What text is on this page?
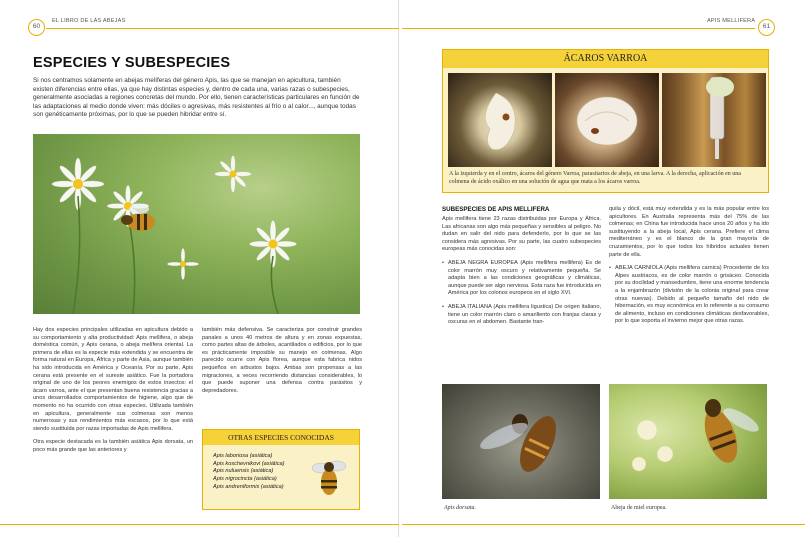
60
EL LIBRO DE LAS ABEJAS
ESPECIES Y SUBESPECIES
Si nos centramos solamente en abejas melíferas del género Apis, las que se manejan en apicultura, también existen diferencias entre ellas, ya que hay distintas especies y, dentro de cada una, varias razas o subespecies, generalmente asociadas a regiones concretas del mundo. Por ello, tienen características particulares en función de las adaptaciones al medio donde viven: más dóciles o agresivas, más resistentes al frío o al calor..., aunque todas son genéticamente próximas, por lo que se pueden hibridar entre sí.

Hay dos especies principales utilizadas en apicultura debido a su comportamiento y alta productividad: Apis mellifera, o abeja doméstica común, y Apis cerana, o abeja melífera oriental. La primera de ellas es la especie más extendida y se encuentra de forma natural en Europa, África y parte de Asia, aunque también ha sido introducida en América y Oceanía. Por su parte, Apis cerana está presente en el sureste asiático. Fue la portadora original de uno de los peores enemigos de estos insectos: el ácaro varroa, ante el que presentan buena resistencia gracias a unos desarrollados comportamientos de higiene, algo que de momento no ha ocurrido con otras especies. Utilizada también en apicultura, generalmente sus colmenas son menos numerosas y sus rendimientos más escasos, por lo que está siendo sustituida por razas importadas de Apis mellifera.

Otra especie destacada es la también asiática Apis dorsata, un poco más grande que las anteriores y

también más defensiva. Se caracteriza por construir grandes panales a unos 40 metros de altura y en zonas expuestas, como partes altas de árboles, acantilados o edificios, por lo que es prácticamente imposible su manejo en colmenas. Algo parecido ocurre con Apis florea, aunque esta fabrica nidos pequeños en arbustos bajos. Ambas son propensas a las migraciones, a veces recorriendo distancias considerables, lo que puede suponer una defensa contra parásitos y depredadores.

OTRAS ESPECIES CONOCIDAS
Apis laboriosa (asiática)
Apis koschevnikovi (asiática)
Apis nuluensis (asiática)
Apis nigrocincta (asiática)
Apis andreniformis (asiática)
APIS MELLIFERA
61
ÁCAROS VARROA
A la izquierda y en el centro, ácaros del género Varroa, parasitarios de abeja, en una larva. A la derecha, aplicación en una colmena de ácido oxálico en una solución de agua que mata a los ácaros varroa.
SUBESPECIES DE APIS MELLIFERA

Apis mellifera tiene 23 razas distribuidas por Europa y África. Las africanas son algo más pequeñas y sensibles al peligro. No dudan en salir del nido para defenderlo, por lo que se las considera más agresivas. Por su parte, las cuatro subespecies europeas más conocidas son:

• ABEJA NEGRA EUROPEA (Apis mellifera mellifera) Es de color marrón muy oscuro y relativamente pequeña. Se adapta bien a las condiciones geográficas y climáticas, aunque puede ser algo nerviosa. Esta raza fue introducida en América por los colonos europeos en el siglo XVI.

• ABEJA ITALIANA (Apis mellifera ligustica) De origen italiano, tiene un color marrón claro o amarillento con franjas claras y oscuras en el abdomen. Bastante tran-

quila y dócil, está muy extendida y es la más popular entre los apicultores. En Australia representa más del 75% de las colmenas; en China fue introducida hace unos 20 años y ha ido sustituyendo a la abeja local, Apis cerana. Prefiere el clima mediterráneo y es el blanco de la gran mayoría de cruzamientos, por lo que todos los híbridos actuales tienen parte de ella.

• ABEJA CARNIOLA (Apis mellifera carnica) Procedente de los Alpes austriacos, es de color marrón o grisáceo. Conocida por su docilidad y mansedumbre, tiene una enorme tendencia a la enjambrazón (división de la colonia original para crear otras nuevas). Debido al pequeño tamaño del nido de hibernación, es muy económica en lo referente a su consumo de alimento, incluso en condiciones climáticas desfavorables, por lo que soporta el invierno mejor que otras razas.

Apis dorsata.	Abeja de miel europea.
